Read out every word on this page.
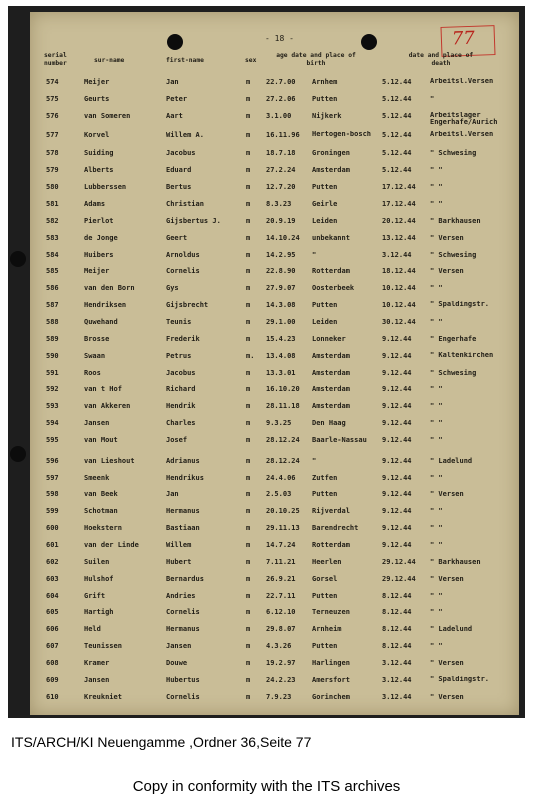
- 18 -	77
serial number	sur-name	first-name	sex
age date and place of birth
date and place of death
574	Meijer	Jan	m	22.7.00	Arnhem	5.12.44	Arbeitsl.Versen
575	Geurts	Peter	m	27.2.06	Putten	5.12.44	"
576	van Someren	Aart	m	3.1.00	Nijkerk	5.12.44	Arbeitslager Engerhafe/Aurich
577	Korvel	Willem A.	m	16.11.96	Hertogen-bosch	5.12.44	Arbeitsl.Versen
578	Suiding	Jacobus	m	18.7.18	Groningen	5.12.44	" Schwesing
579	Alberts	Eduard	m	27.2.24	Amsterdam	5.12.44	" "
580	Lubberssen	Bertus	m	12.7.20	Putten	17.12.44	" "
581	Adams	Christian	m	8.3.23	Geirle	17.12.44	" "
582	Pierlot	Gijsbertus J.	m	20.9.19	Leiden	20.12.44	" Barkhausen
583	de Jonge	Geert	m	14.10.24	unbekannt	13.12.44	" Versen
584	Huibers	Arnoldus	m	14.2.95	"	3.12.44	" Schwesing
585	Meijer	Cornelis	m	22.8.90	Rotterdam	18.12.44	" Versen
586	van den Born	Gys	m	27.9.07	Oosterbeek	10.12.44	" "
587	Hendriksen	Gijsbrecht	m	14.3.08	Putten	10.12.44	" Spaldingstr.
588	Quwehand	Teunis	m	29.1.00	Leiden	30.12.44	" "
589	Brosse	Frederik	m	15.4.23	Lonneker	9.12.44	" Engerhafe
590	Swaan	Petrus	m.	13.4.08	Amsterdam	9.12.44	" Kaltenkirchen
591	Roos	Jacobus	m	13.3.01	Amsterdam	9.12.44	" Schwesing
592	van t Hof	Richard	m	16.10.20	Amsterdam	9.12.44	" "
593	van Akkeren	Hendrik	m	28.11.18	Amsterdam	9.12.44	" "
594	Jansen	Charles	m	9.3.25	Den Haag	9.12.44	" "
595	van Mout	Josef	m	28.12.24	Baarle-Nassau	9.12.44	" "
596	van Lieshout	Adrianus	m	28.12.24	"	9.12.44	" Ladelund
597	Smeenk	Hendrikus	m	24.4.06	Zutfen	9.12.44	" "
598	van Beek	Jan	m	2.5.03	Putten	9.12.44	" Versen
599	Schotman	Hermanus	m	20.10.25	Rijverdal	9.12.44	" "
600	Hoekstern	Bastiaan	m	29.11.13	Barendrecht	9.12.44	" "
601	van der Linde	Willem	m	14.7.24	Rotterdam	9.12.44	" "
602	Suilen	Hubert	m	7.11.21	Heerlen	29.12.44	" Barkhausen
603	Hulshof	Bernardus	m	26.9.21	Gorsel	29.12.44	" Versen
604	Grift	Andries	m	22.7.11	Putten	8.12.44	" "
605	Hartigh	Cornelis	m	6.12.10	Terneuzen	8.12.44	" "
606	Held	Hermanus	m	29.8.07	Arnheim	8.12.44	" Ladelund
607	Teunissen	Jansen	m	4.3.26	Putten	8.12.44	" "
608	Kramer	Douwe	m	19.2.97	Harlingen	3.12.44	" Versen
609	Jansen	Hubertus	m	24.2.23	Amersfort	3.12.44	" Spaldingstr.
610	Kreukniet	Cornelis	m	7.9.23	Gorinchem	3.12.44	" Versen
ITS/ARCH/KI Neuengamme ,Ordner 36,Seite 77
Copy in conformity with the ITS archives
